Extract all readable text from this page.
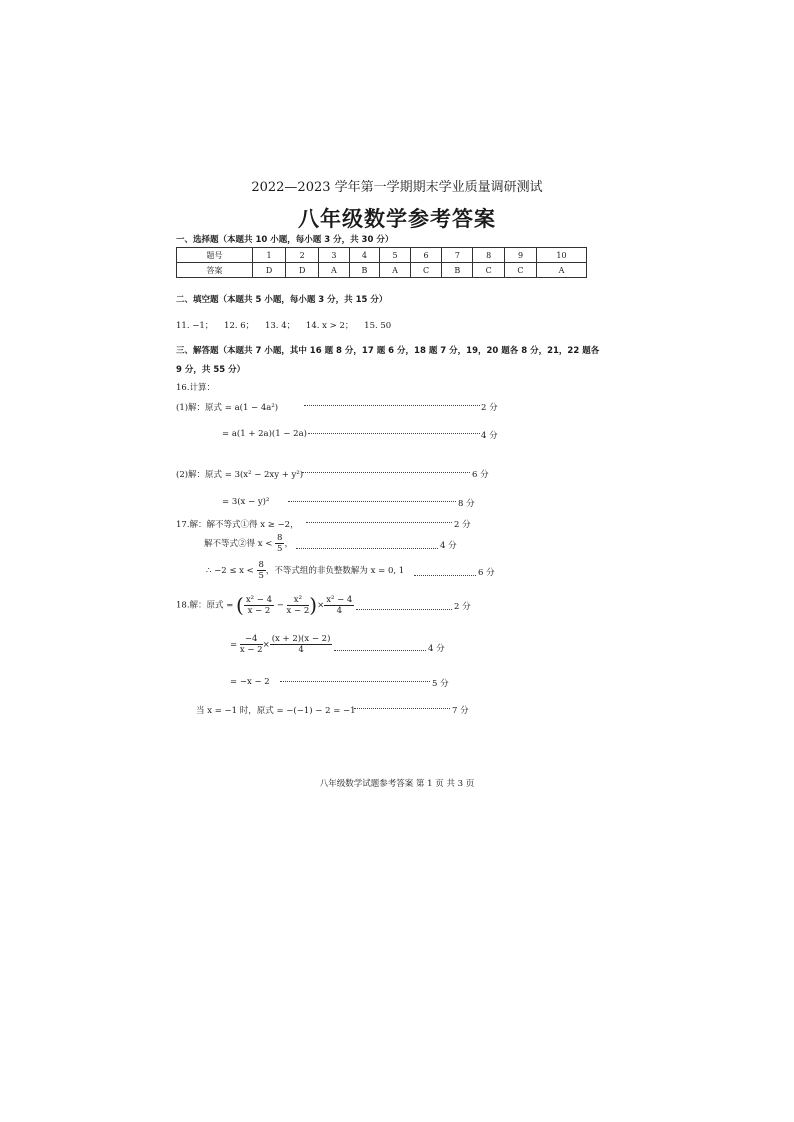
2022—2023 学年第一学期期末学业质量调研测试
八年级数学参考答案
一、选择题（本题共 10 小题，每小题 3 分，共 30 分）
题号	1	2	3	4	5	6	7	8	9	10
答案	D	D	A	B	A	C	B	C	C	A
二、填空题（本题共 5 小题，每小题 3 分，共 15 分）
11. −1；    12. 6；    13. 4；    14. x > 2；    15. 50
三、解答题（本题共 7 小题，其中 16 题 8 分，17 题 6 分，18 题 7 分，19，20 题各 8 分，21，22 题各
9 分，共 55 分）
16.计算：
(1)解：原式 = a(1 − 4a²)	2 分
= a(1 + 2a)(1 − 2a)	4 分
(2)解：原式 = 3(x² − 2xy + y²)	6 分
= 3(x − y)²	8 分
17.解：解不等式①得 x ≥ −2，	2 分
解不等式②得 $x < \frac{8}{5}$ ，	4 分
∴ $-2 \le x < \frac{8}{5}$ ，不等式组的非负整数解为 x = 0, 1	6 分
18.解：原式 = ( $\frac{\text{x² − 4}}{x - 2} - \frac{\text{x²}}{x - 2}$ )× $\frac{\text{x² − 4}}{4}$	2 分
= $\frac{-4}{x - 2} \times \frac{(x + 2)(x - 2)}{4}$	4 分
= −x − 2	5 分
当 x = −1 时，原式 = −(−1) − 2 = −1	7 分
八年级数学试题参考答案 第 1 页 共 3 页
